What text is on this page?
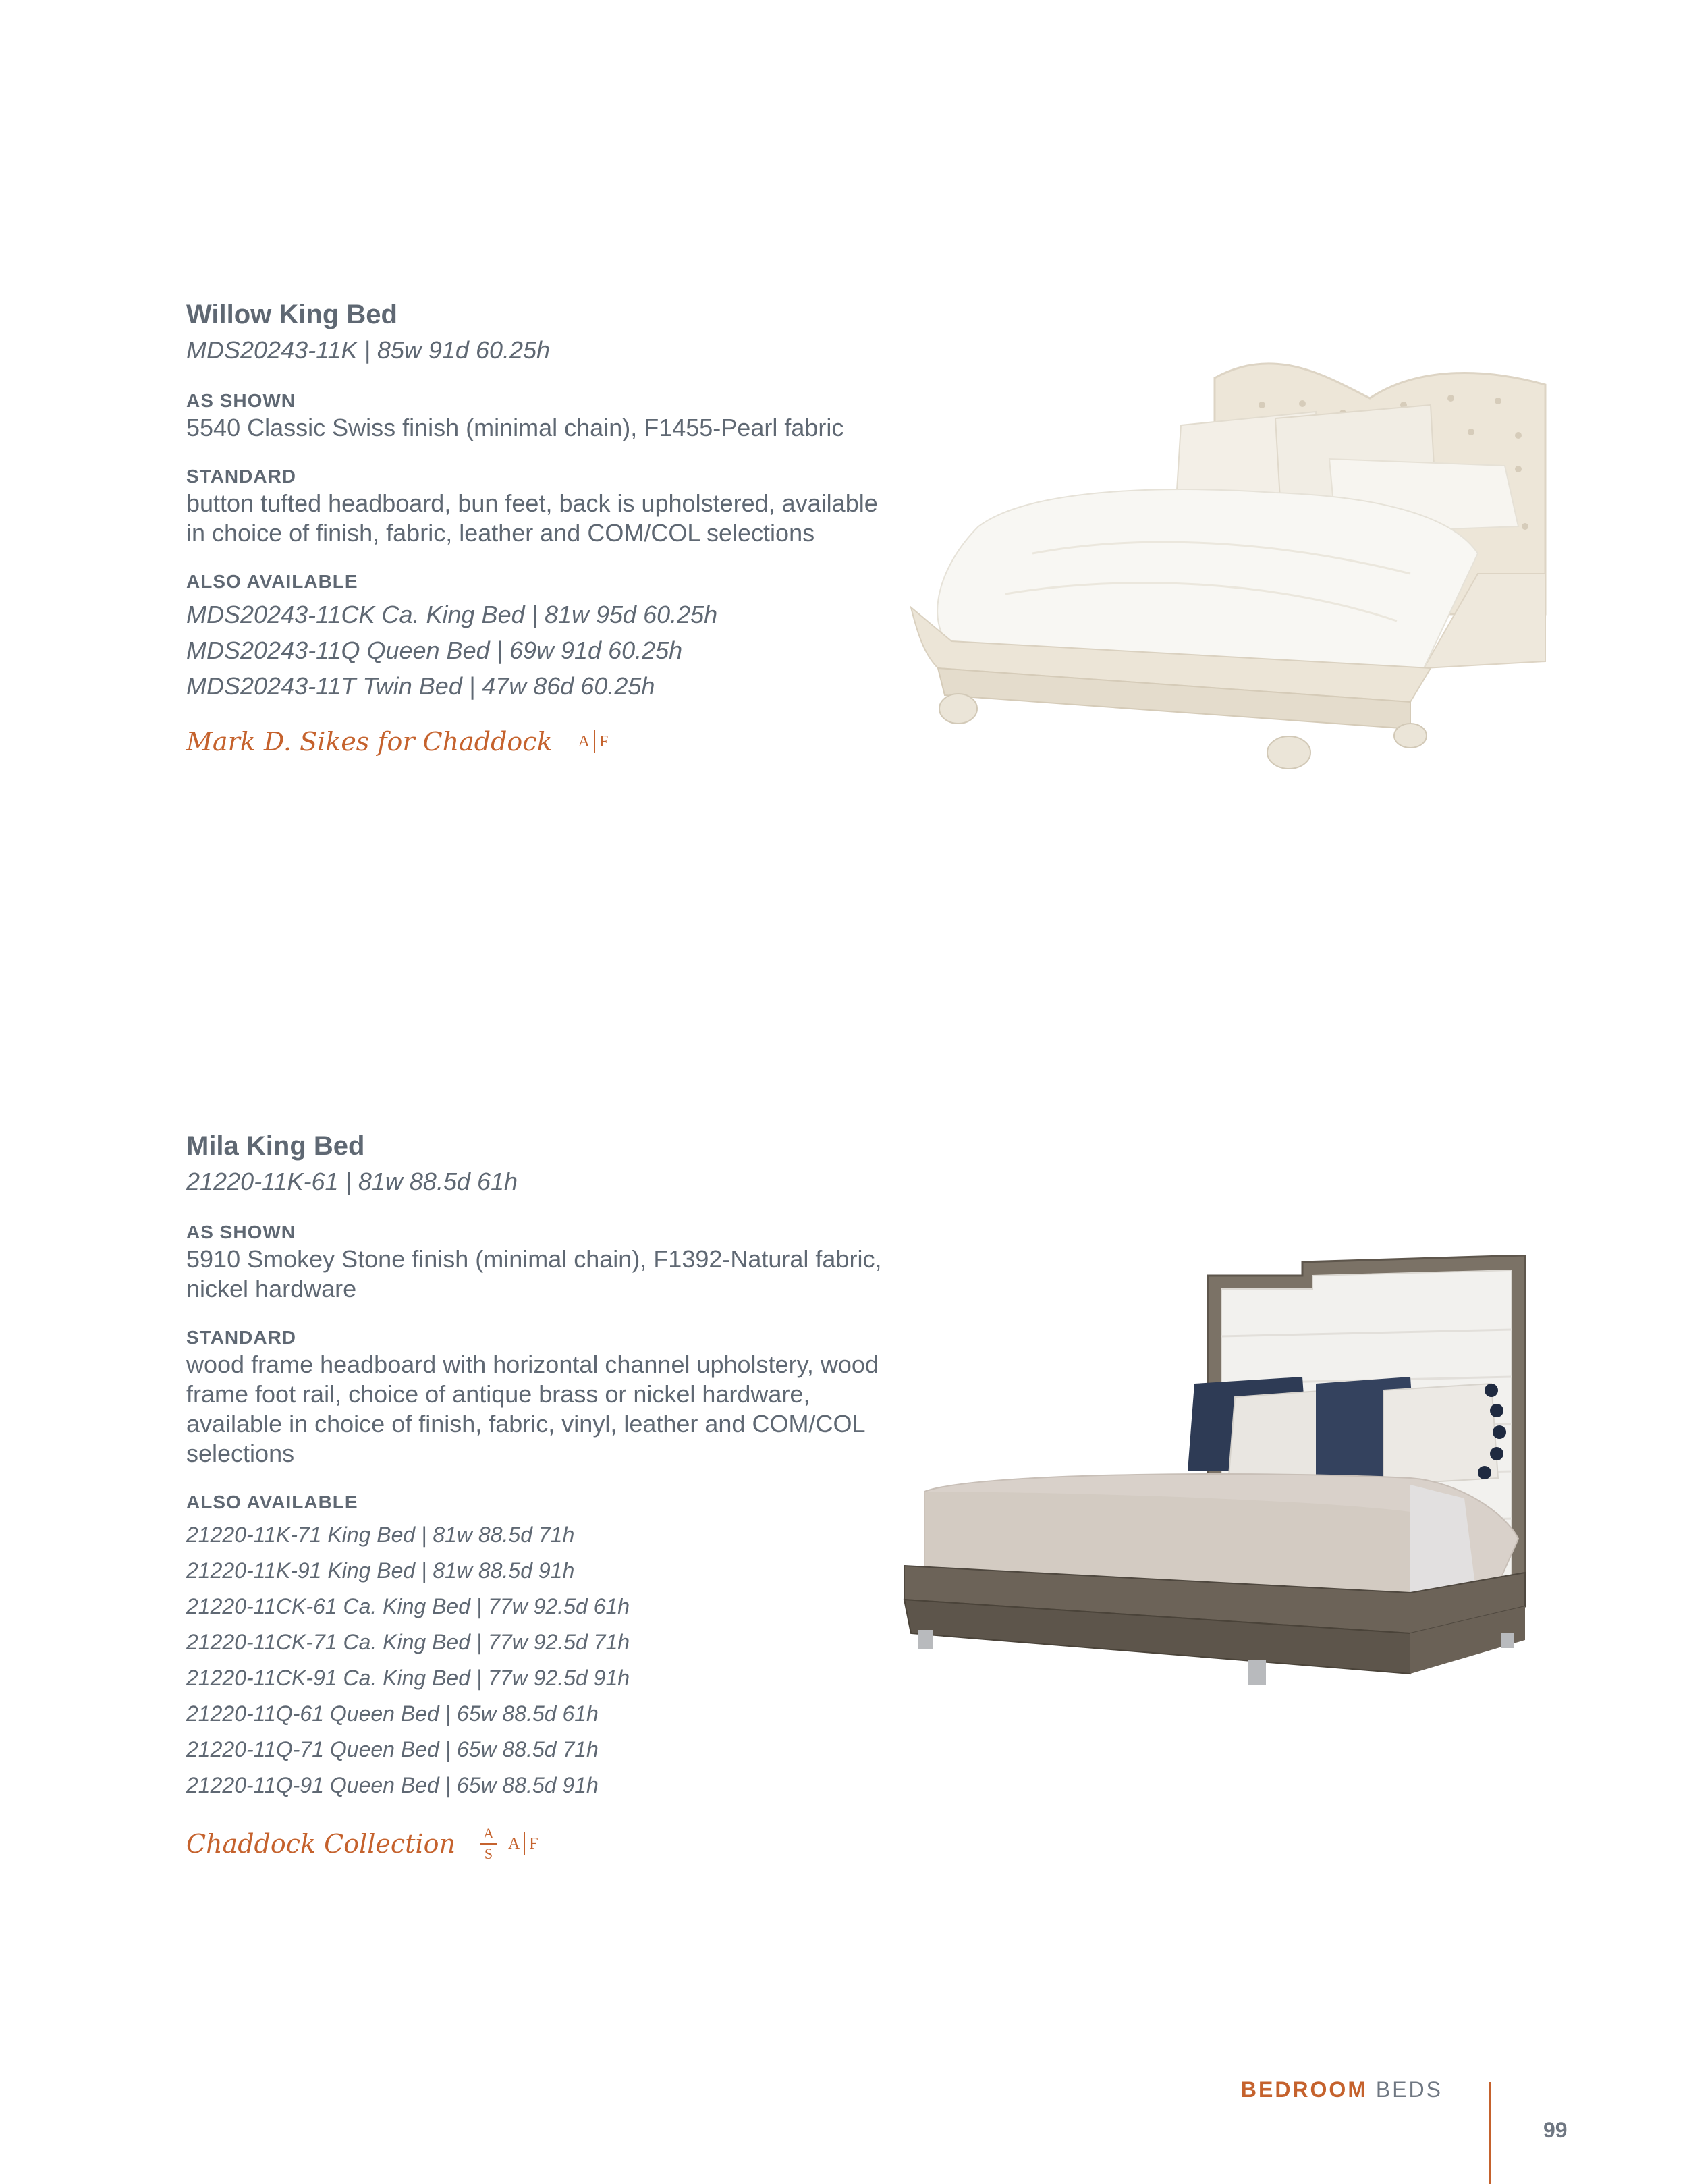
Willow King Bed
MDS20243-11K | 85w 91d 60.25h
AS SHOWN
5540 Classic Swiss finish (minimal chain), F1455-Pearl fabric
STANDARD
button tufted headboard, bun feet, back is upholstered, available in choice of finish, fabric, leather and COM/COL selections
ALSO AVAILABLE
MDS20243-11CK Ca. King Bed | 81w 95d 60.25h
MDS20243-11Q Queen Bed | 69w 91d 60.25h
MDS20243-11T Twin Bed | 47w 86d 60.25h
Mark D. Sikes for Chaddock A F
Mila King Bed
21220-11K-61 | 81w 88.5d 61h
AS SHOWN
5910 Smokey Stone finish (minimal chain), F1392-Natural fabric, nickel hardware
STANDARD
wood frame headboard with horizontal channel upholstery, wood frame foot rail, choice of antique brass or nickel hardware, available in choice of finish, fabric, vinyl, leather and COM/COL selections
ALSO AVAILABLE
21220-11K-71 King Bed | 81w 88.5d 71h
21220-11K-91 King Bed | 81w 88.5d 91h
21220-11CK-61 Ca. King Bed | 77w 92.5d 61h
21220-11CK-71 Ca. King Bed | 77w 92.5d 71h
21220-11CK-91 Ca. King Bed | 77w 92.5d 91h
21220-11Q-61 Queen Bed | 65w 88.5d 61h
21220-11Q-71 Queen Bed | 65w 88.5d 71h
21220-11Q-91 Queen Bed | 65w 88.5d 91h
Chaddock Collection A
S
A F
BEDROOM BEDS
99
